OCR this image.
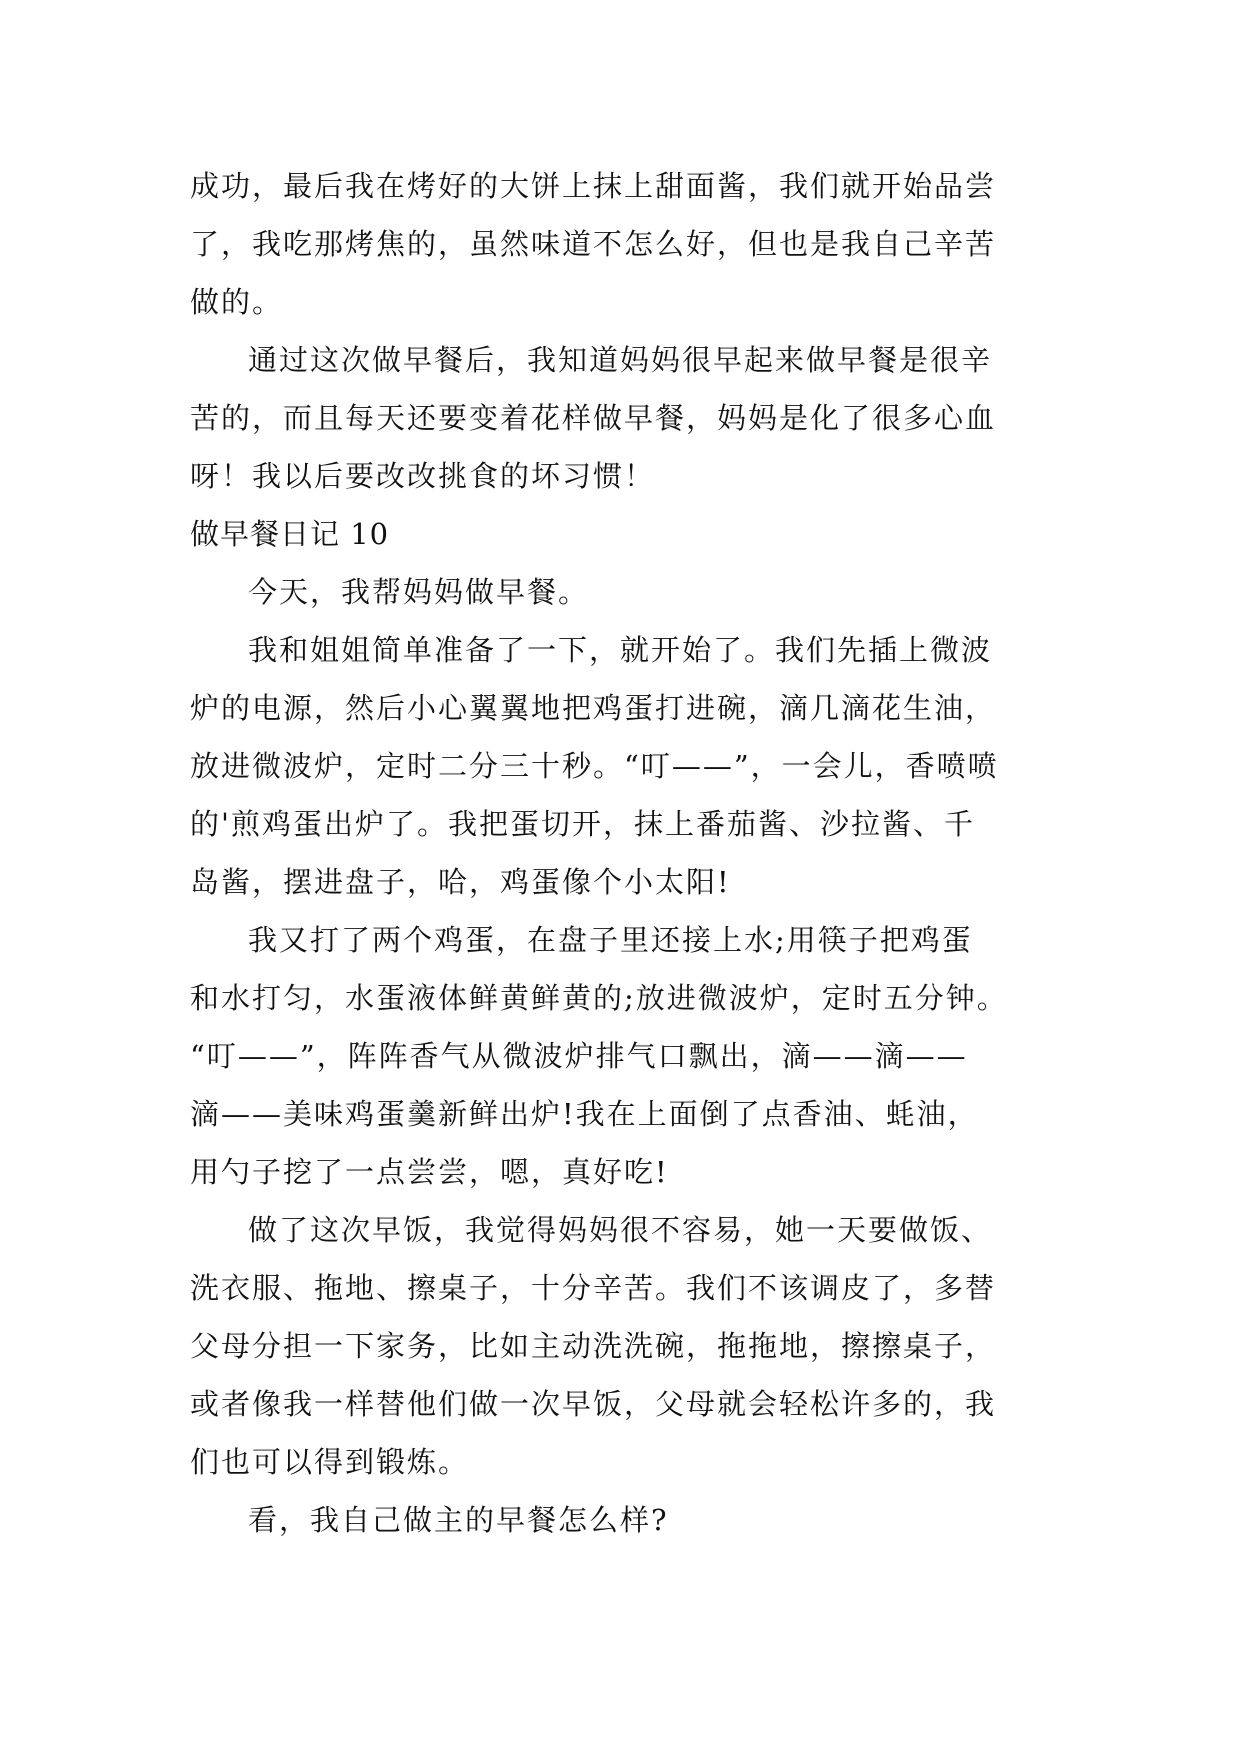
成功，最后我在烤好的大饼上抹上甜面酱，我们就开始品尝
了，我吃那烤焦的，虽然味道不怎么好，但也是我自己辛苦
做的。

通过这次做早餐后，我知道妈妈很早起来做早餐是很辛
苦的，而且每天还要变着花样做早餐，妈妈是化了很多心血
呀！我以后要改改挑食的坏习惯！

做早餐日记 10

今天，我帮妈妈做早餐。

我和姐姐简单准备了一下，就开始了。我们先插上微波
炉的电源，然后小心翼翼地把鸡蛋打进碗，滴几滴花生油，
放进微波炉，定时二分三十秒。“叮——”，一会儿，香喷喷
的'煎鸡蛋出炉了。我把蛋切开，抹上番茄酱、沙拉酱、千
岛酱，摆进盘子，哈，鸡蛋像个小太阳!

我又打了两个鸡蛋，在盘子里还接上水;用筷子把鸡蛋
和水打匀，水蛋液体鲜黄鲜黄的;放进微波炉，定时五分钟。
“叮——”，阵阵香气从微波炉排气口飘出，滴——滴——
滴——美味鸡蛋羹新鲜出炉!我在上面倒了点香油、蚝油，
用勺子挖了一点尝尝，嗯，真好吃!

做了这次早饭，我觉得妈妈很不容易，她一天要做饭、
洗衣服、拖地、擦桌子，十分辛苦。我们不该调皮了，多替
父母分担一下家务，比如主动洗洗碗，拖拖地，擦擦桌子，
或者像我一样替他们做一次早饭，父母就会轻松许多的，我
们也可以得到锻炼。

看，我自己做主的早餐怎么样?
